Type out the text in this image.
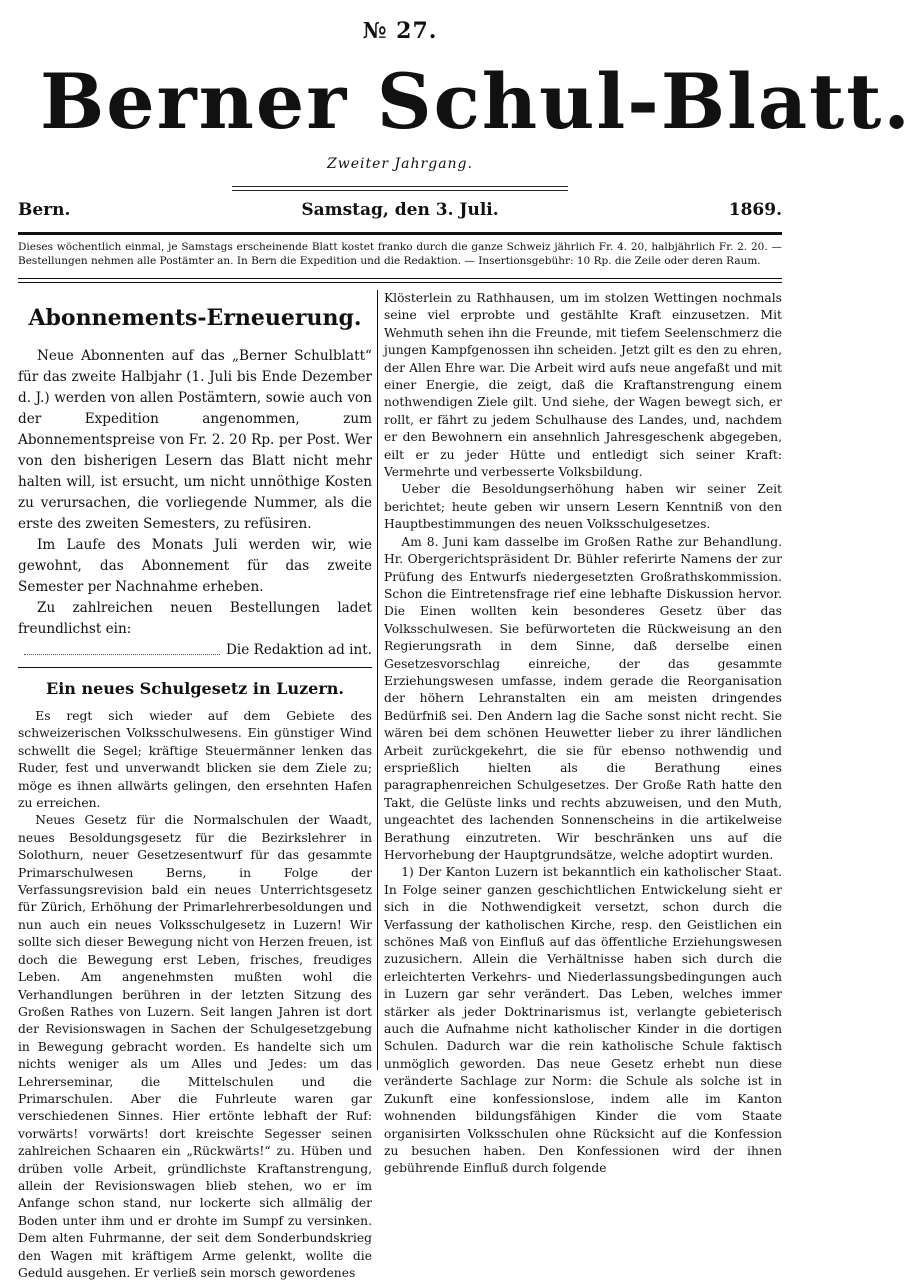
№ 27.
Berner Schul-Blatt.
Zweiter Jahrgang.
Bern.	Samstag, den 3. Juli.	1869.
Dieses wöchentlich einmal, je Samstags erscheinende Blatt kostet franko durch die ganze Schweiz jährlich Fr. 4. 20, halbjährlich Fr. 2. 20. — Bestellungen nehmen alle Postämter an. In Bern die Expedition und die Redaktion. — Insertionsgebühr: 10 Rp. die Zeile oder deren Raum.
Abonnements-Erneuerung.

Neue Abonnenten auf das „Berner Schulblatt“ für das zweite Halbjahr (1. Juli bis Ende Dezember d. J.) werden von allen Postämtern, sowie auch von der Expedition angenommen, zum Abonnementspreise von Fr. 2. 20 Rp. per Post. Wer von den bisherigen Lesern das Blatt nicht mehr halten will, ist ersucht, um nicht unnöthige Kosten zu verursachen, die vorliegende Nummer, als die erste des zweiten Semesters, zu refüsiren.

Im Laufe des Monats Juli werden wir, wie gewohnt, das Abonnement für das zweite Semester per Nachnahme erheben.

Zu zahlreichen neuen Bestellungen ladet freundlichst ein:

Die Redaktion ad int.
Ein neues Schulgesetz in Luzern.

Es regt sich wieder auf dem Gebiete des schweizerischen Volksschulwesens. Ein günstiger Wind schwellt die Segel; kräftige Steuermänner lenken das Ruder, fest und unverwandt blicken sie dem Ziele zu; möge es ihnen allwärts gelingen, den ersehnten Hafen zu erreichen.

Neues Gesetz für die Normalschulen der Waadt, neues Besoldungsgesetz für die Bezirkslehrer in Solothurn, neuer Gesetzesentwurf für das gesammte Primarschulwesen Berns, in Folge der Verfassungsrevision bald ein neues Unterrichtsgesetz für Zürich, Erhöhung der Primarlehrerbesoldungen und nun auch ein neues Volksschulgesetz in Luzern! Wir sollte sich dieser Bewegung nicht von Herzen freuen, ist doch die Bewegung erst Leben, frisches, freudiges Leben. Am angenehmsten mußten wohl die Verhandlungen berühren in der letzten Sitzung des Großen Rathes von Luzern. Seit langen Jahren ist dort der Revisionswagen in Sachen der Schulgesetzgebung in Bewegung gebracht worden. Es handelte sich um nichts weniger als um Alles und Jedes: um das Lehrerseminar, die Mittelschulen und die Primarschulen. Aber die Fuhrleute waren gar verschiedenen Sinnes. Hier ertönte lebhaft der Ruf: vorwärts! vorwärts! dort kreischte Segesser seinen zahlreichen Schaaren ein „Rückwärts!“ zu. Hüben und drüben volle Arbeit, gründlichste Kraftanstrengung, allein der Revisionswagen blieb stehen, wo er im Anfange schon stand, nur lockerte sich allmälig der Boden unter ihm und er drohte im Sumpf zu versinken. Dem alten Fuhrmanne, der seit dem Sonderbundskrieg den Wagen mit kräftigem Arme gelenkt, wollte die Geduld ausgehen. Er verließ sein morsch gewordenes

Klösterlein zu Rathhausen, um im stolzen Wettingen nochmals seine viel erprobte und gestählte Kraft einzusetzen. Mit Wehmuth sehen ihn die Freunde, mit tiefem Seelenschmerz die jungen Kampfgenossen ihn scheiden. Jetzt gilt es den zu ehren, der Allen Ehre war. Die Arbeit wird aufs neue angefaßt und mit einer Energie, die zeigt, daß die Kraftanstrengung einem nothwendigen Ziele gilt. Und siehe, der Wagen bewegt sich, er rollt, er fährt zu jedem Schulhause des Landes, und, nachdem er den Bewohnern ein ansehnlich Jahresgeschenk abgegeben, eilt er zu jeder Hütte und entledigt sich seiner Kraft: Vermehrte und verbesserte Volksbildung.

Ueber die Besoldungserhöhung haben wir seiner Zeit berichtet; heute geben wir unsern Lesern Kenntniß von den Hauptbestimmungen des neuen Volksschulgesetzes.

Am 8. Juni kam dasselbe im Großen Rathe zur Behandlung. Hr. Obergerichtspräsident Dr. Bühler referirte Namens der zur Prüfung des Entwurfs niedergesetzten Großrathskommission. Schon die Eintretensfrage rief eine lebhafte Diskussion hervor. Die Einen wollten kein besonderes Gesetz über das Volksschulwesen. Sie befürworteten die Rückweisung an den Regierungsrath in dem Sinne, daß derselbe einen Gesetzesvorschlag einreiche, der das gesammte Erziehungswesen umfasse, indem gerade die Reorganisation der höhern Lehranstalten ein am meisten dringendes Bedürfniß sei. Den Andern lag die Sache sonst nicht recht. Sie wären bei dem schönen Heuwetter lieber zu ihrer ländlichen Arbeit zurückgekehrt, die sie für ebenso nothwendig und ersprießlich hielten als die Berathung eines paragraphenreichen Schulgesetzes. Der Große Rath hatte den Takt, die Gelüste links und rechts abzuweisen, und den Muth, ungeachtet des lachenden Sonnenscheins in die artikelweise Berathung einzutreten. Wir beschränken uns auf die Hervorhebung der Hauptgrundsätze, welche adoptirt wurden.

1) Der Kanton Luzern ist bekanntlich ein katholischer Staat. In Folge seiner ganzen geschichtlichen Entwickelung sieht er sich in die Nothwendigkeit versetzt, schon durch die Verfassung der katholischen Kirche, resp. den Geistlichen ein schönes Maß von Einfluß auf das öffentliche Erziehungswesen zuzusichern. Allein die Verhältnisse haben sich durch die erleichterten Verkehrs- und Niederlassungsbedingungen auch in Luzern gar sehr verändert. Das Leben, welches immer stärker als jeder Doktrinarismus ist, verlangte gebieterisch auch die Aufnahme nicht katholischer Kinder in die dortigen Schulen. Dadurch war die rein katholische Schule faktisch unmöglich geworden. Das neue Gesetz erhebt nun diese veränderte Sachlage zur Norm: die Schule als solche ist in Zukunft eine konfessionslose, indem alle im Kanton wohnenden bildungsfähigen Kinder die vom Staate organisirten Volksschulen ohne Rücksicht auf die Konfession zu besuchen haben. Den Konfessionen wird der ihnen gebührende Einfluß durch folgende
